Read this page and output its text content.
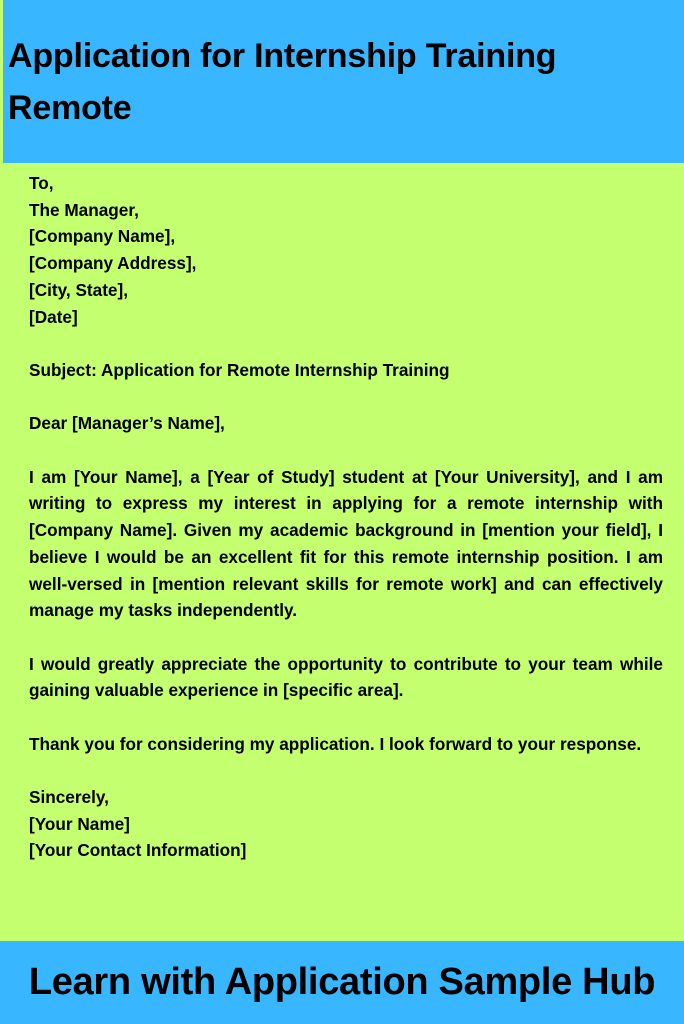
Application for Internship Training
Remote

To,
The Manager,
[Company Name],
[Company Address],
[City, State],
[Date]

Subject: Application for Remote Internship Training

Dear [Manager’s Name],

I am [Your Name], a [Year of Study] student at [Your University], and I am writing to express my interest in applying for a remote internship with [Company Name]. Given my academic background in [mention your field], I believe I would be an excellent fit for this remote internship position. I am well-versed in [mention relevant skills for remote work] and can effectively manage my tasks independently.

I would greatly appreciate the opportunity to contribute to your team while gaining valuable experience in [specific area].

Thank you for considering my application. I look forward to your response.

Sincerely,
[Your Name]
[Your Contact Information]

Learn with Application Sample Hub
